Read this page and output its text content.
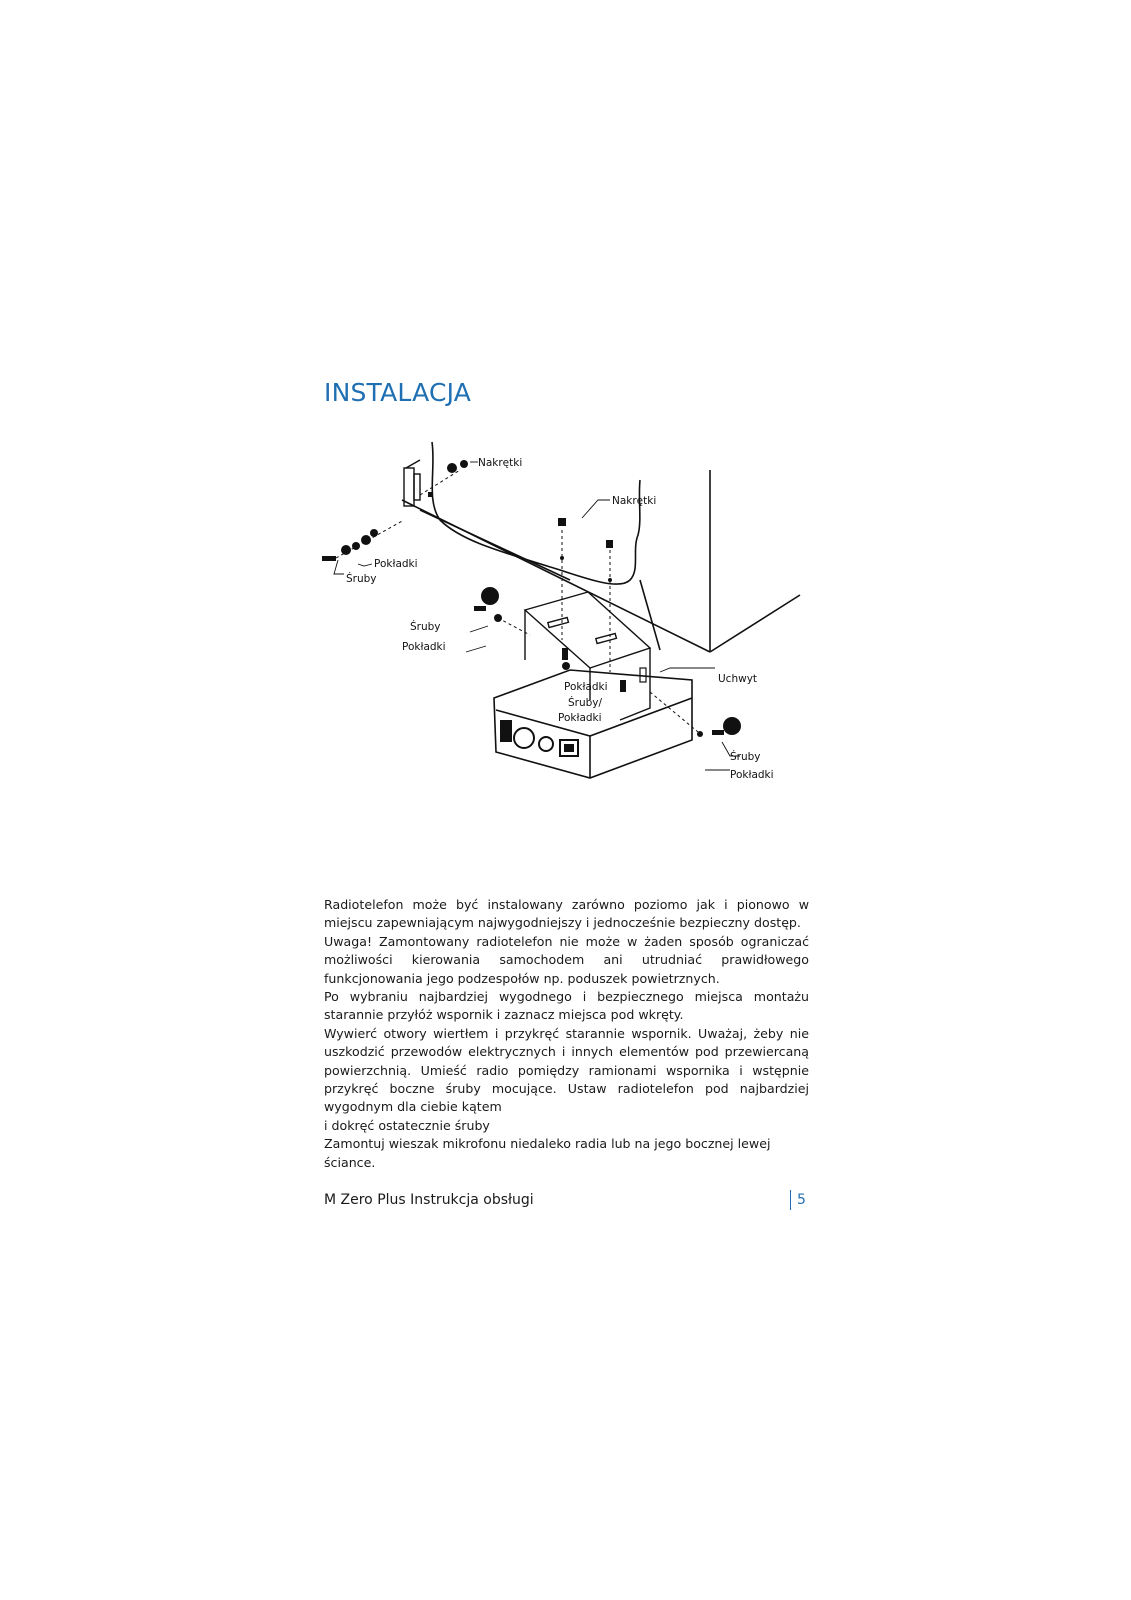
INSTALACJA
Nakrętki
Nakrętki
Pokładki
Śruby
Śruby
Pokładki
Uchwyt
Pokładki
Śruby/
Pokładki
Śruby
Pokładki

Radiotelefon może być instalowany zarówno poziomo jak i pionowo w miejscu zapewniającym najwygodniejszy i jednocześnie bezpieczny dostęp.

Uwaga! Zamontowany radiotelefon nie może w żaden sposób ograniczać możliwości kierowania samochodem ani utrudniać prawidłowego funkcjonowania jego podzespołów np. poduszek powietrznych.

Po wybraniu najbardziej wygodnego i bezpiecznego miejsca montażu starannie przyłóż wspornik i zaznacz miejsca pod wkręty.

Wywierć otwory wiertłem i przykręć starannie wspornik. Uważaj, żeby nie uszkodzić przewodów elektrycznych i innych elementów pod przewiercaną powierzchnią. Umieść radio pomiędzy ramionami wspornika i wstępnie przykręć boczne śruby mocujące. Ustaw radiotelefon pod najbardziej wygodnym dla ciebie kątem

i dokręć ostatecznie śruby

Zamontuj wieszak mikrofonu niedaleko radia lub na jego bocznej lewej ściance.

M Zero Plus Instrukcja obsługi	5
